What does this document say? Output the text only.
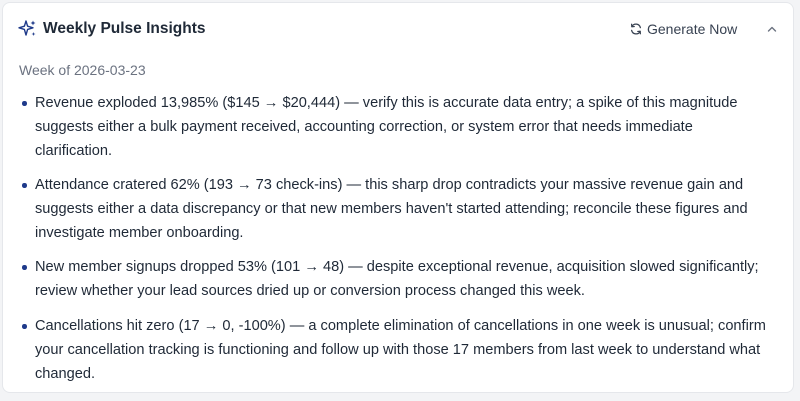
Weekly Pulse Insights	Generate Now
Week of 2026-03-23
Revenue exploded 13,985% ($145 → $20,444) — verify this is accurate data entry; a spike of this magnitude suggests either a bulk payment received, accounting correction, or system error that needs immediate clarification.
Attendance cratered 62% (193 → 73 check-ins) — this sharp drop contradicts your massive revenue gain and suggests either a data discrepancy or that new members haven't started attending; reconcile these figures and investigate member onboarding.
New member signups dropped 53% (101 → 48) — despite exceptional revenue, acquisition slowed significantly; review whether your lead sources dried up or conversion process changed this week.
Cancellations hit zero (17 → 0, -100%) — a complete elimination of cancellations in one week is unusual; confirm your cancellation tracking is functioning and follow up with those 17 members from last week to understand what changed.
